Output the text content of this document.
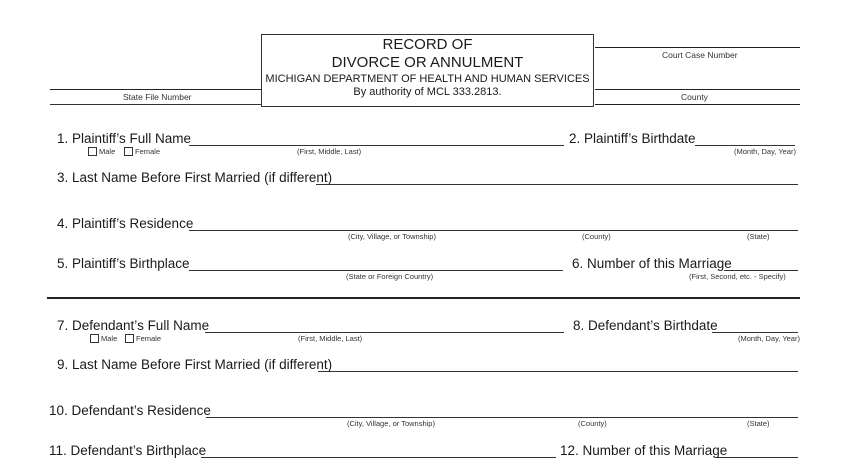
State File Number
RECORD OF
DIVORCE OR ANNULMENT
MICHIGAN DEPARTMENT OF HEALTH AND HUMAN SERVICES
By authority of MCL 333.2813.
Court Case Number
County
1. Plaintiff’s Full Name
Male	Female	(First, Middle, Last)
2. Plaintiff’s Birthdate
(Month, Day, Year)
3. Last Name Before First Married (if different)
4. Plaintiff’s Residence
(City, Village, or Township)	(County)	(State)
5. Plaintiff’s Birthplace
(State or Foreign Country)
6. Number of this Marriage
(First, Second, etc. - Specify)
7. Defendant’s Full Name
Male Female	(First, Middle, Last)
8. Defendant’s Birthdate
(Month, Day, Year)
9. Last Name Before First Married (if different)
10. Defendant’s Residence
(City, Village, or Township)	(County)	(State)
11. Defendant’s Birthplace	12. Number of this Marriage
